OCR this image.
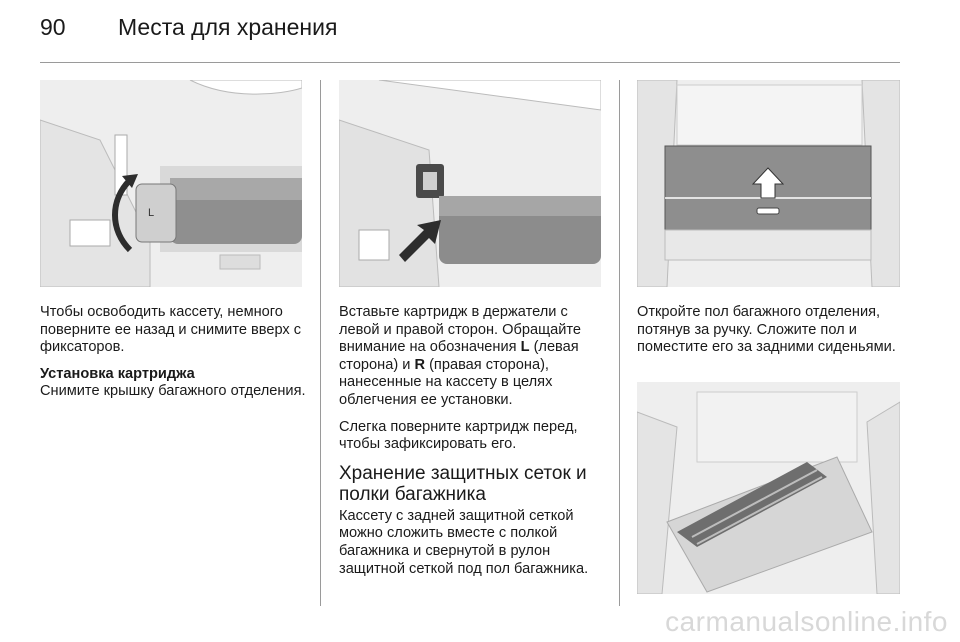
90 Места для хранения
L

Чтобы освободить кассету, немного поверните ее назад и снимите вверх с фиксаторов.

Установка картриджа

Снимите крышку багажного отделения.

Вставьте картридж в держатели с левой и правой сторон. Обращайте внимание на обозначения L (левая сторона) и R (правая сторона), нанесенные на кассету в целях облегчения ее установки.

Слегка поверните картридж перед, чтобы зафиксировать его.

Хранение защитных сеток и полки багажника

Кассету с задней защитной сеткой можно сложить вместе с полкой багажника и свернутой в рулон защитной сеткой под пол багажника.

Откройте пол багажного отделения, потянув за ручку. Сложите пол и поместите его за задними сиденьями.

carmanualsonline.info
